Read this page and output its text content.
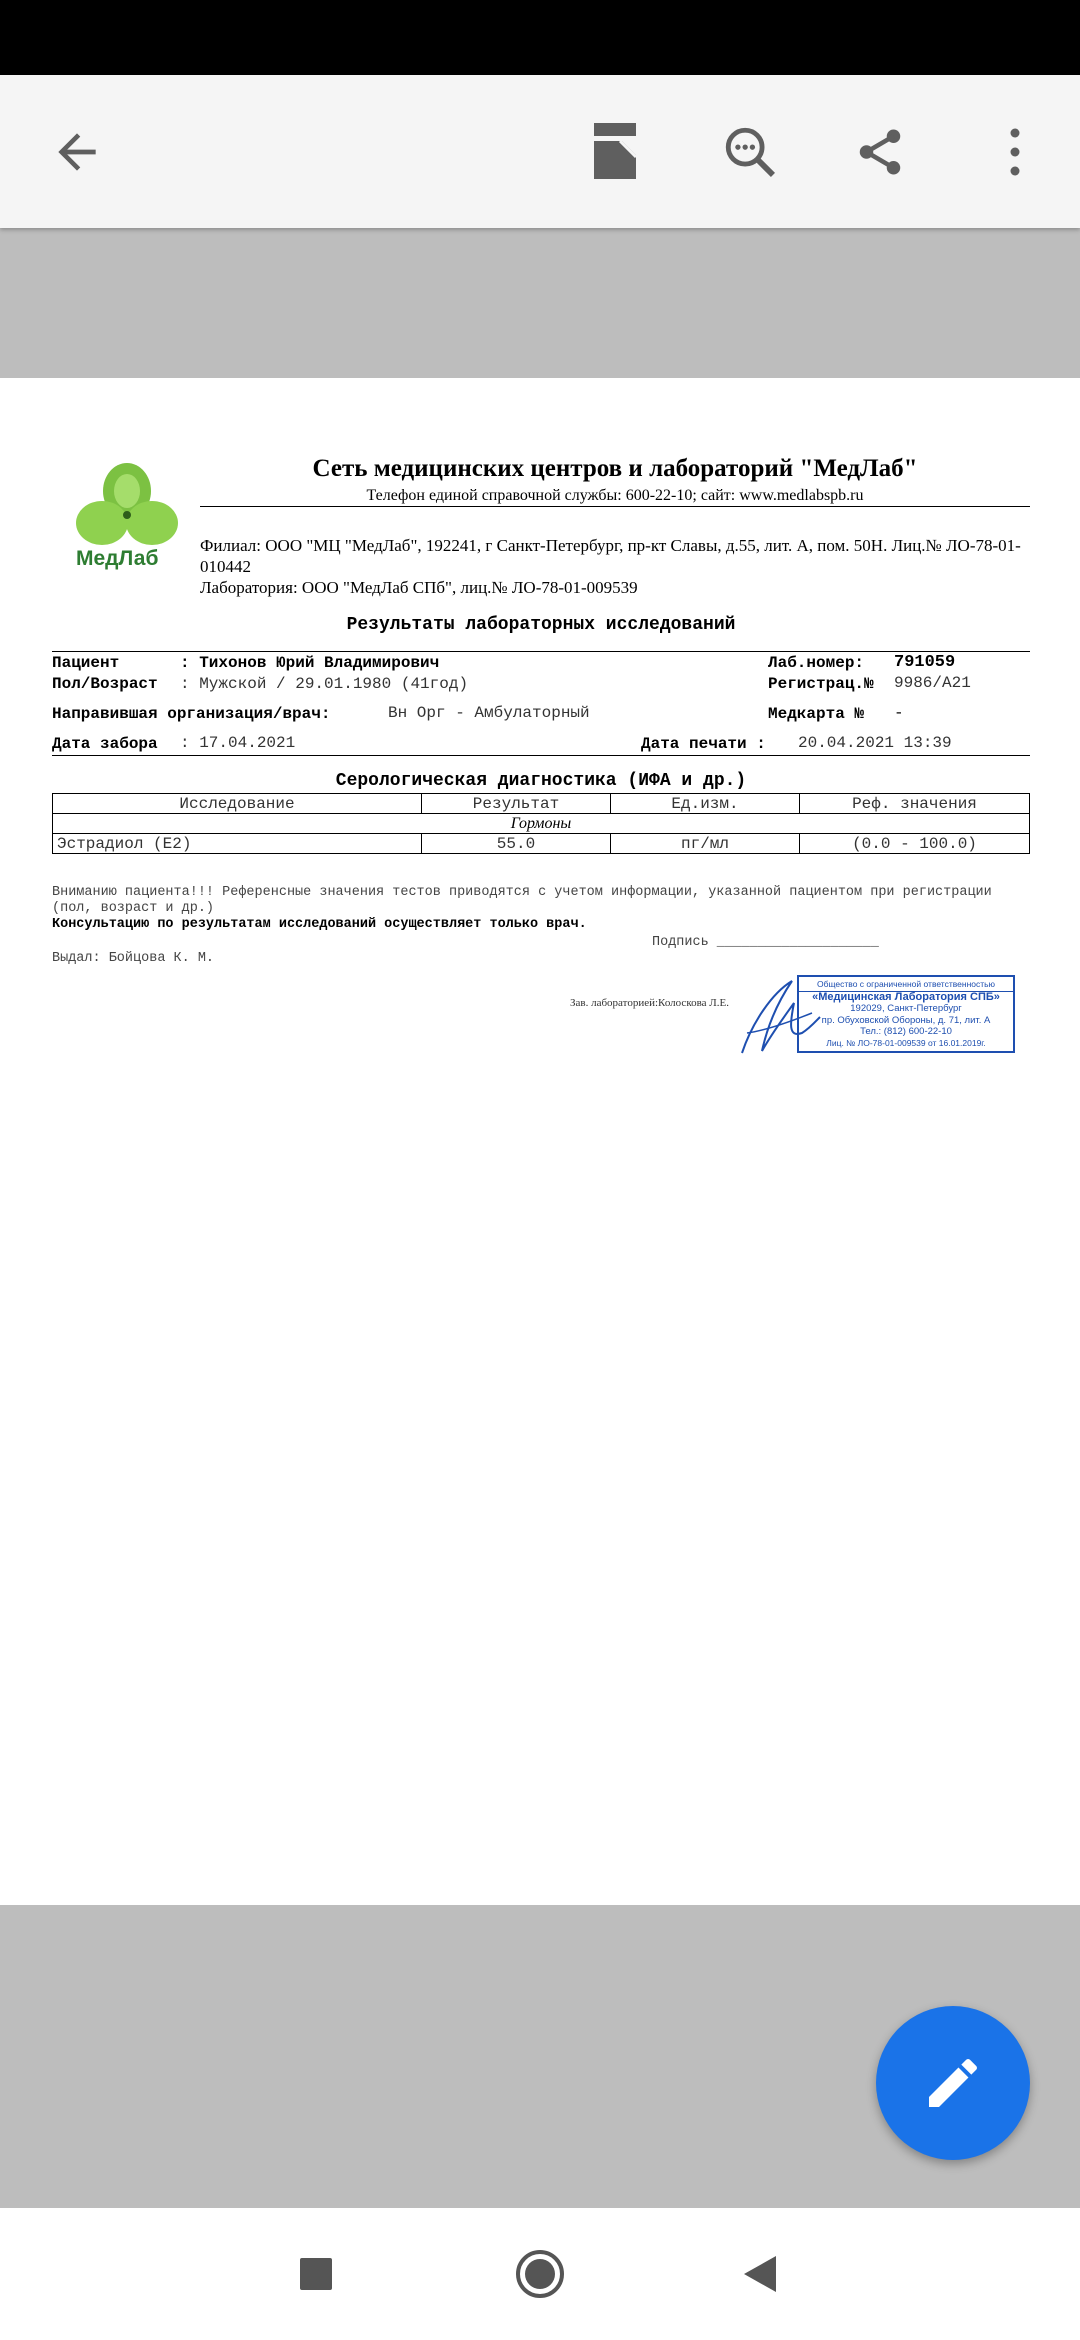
МедЛаб
Сеть медицинских центров и лабораторий "МедЛаб"
Телефон единой справочной службы: 600-22-10; сайт: www.medlabspb.ru
Филиал: ООО "МЦ "МедЛаб", 192241, г Санкт-Петербург, пр-кт Славы, д.55, лит. А, пом. 50Н. Лиц.№ ЛО-78-01-010442
Лаборатория: ООО "МедЛаб СПб", лиц.№ ЛО-78-01-009539
Результаты лабораторных исследований
Пациент	: Тихонов Юрий Владимирович	Лаб.номер: 791059
Пол/Возраст : Мужской / 29.01.1980 (41год)	Регистрац.№ 9986/А21
Направившая организация/врач:	Вн Орг - Амбулаторный	Медкарта № -
Дата забора : 17.04.2021	Дата печати : 20.04.2021 13:39
Серологическая диагностика (ИФА и др.)
Исследование	Результат	Ед.изм.	Реф. значения
Гормоны			
Эстрадиол (Е2)	55.0	пг/мл	(0.0 - 100.0)
Вниманию пациента!!! Референсные значения тестов приводятся с учетом информации, указанной пациентом при регистрации (пол, возраст и др.)
Консультацию по результатам исследований осуществляет только врач.
Подпись ____________________
Выдал: Бойцова К. М.
Зав. лабораторией:Колоскова Л.Е.
Общество с ограниченной ответственностью
«Медицинская Лаборатория СПБ»
192029, Санкт-Петербург
пр. Обуховской Обороны, д. 71, лит. А
Тел.: (812) 600-22-10
Лиц. № ЛО-78-01-009539 от 16.01.2019г.
